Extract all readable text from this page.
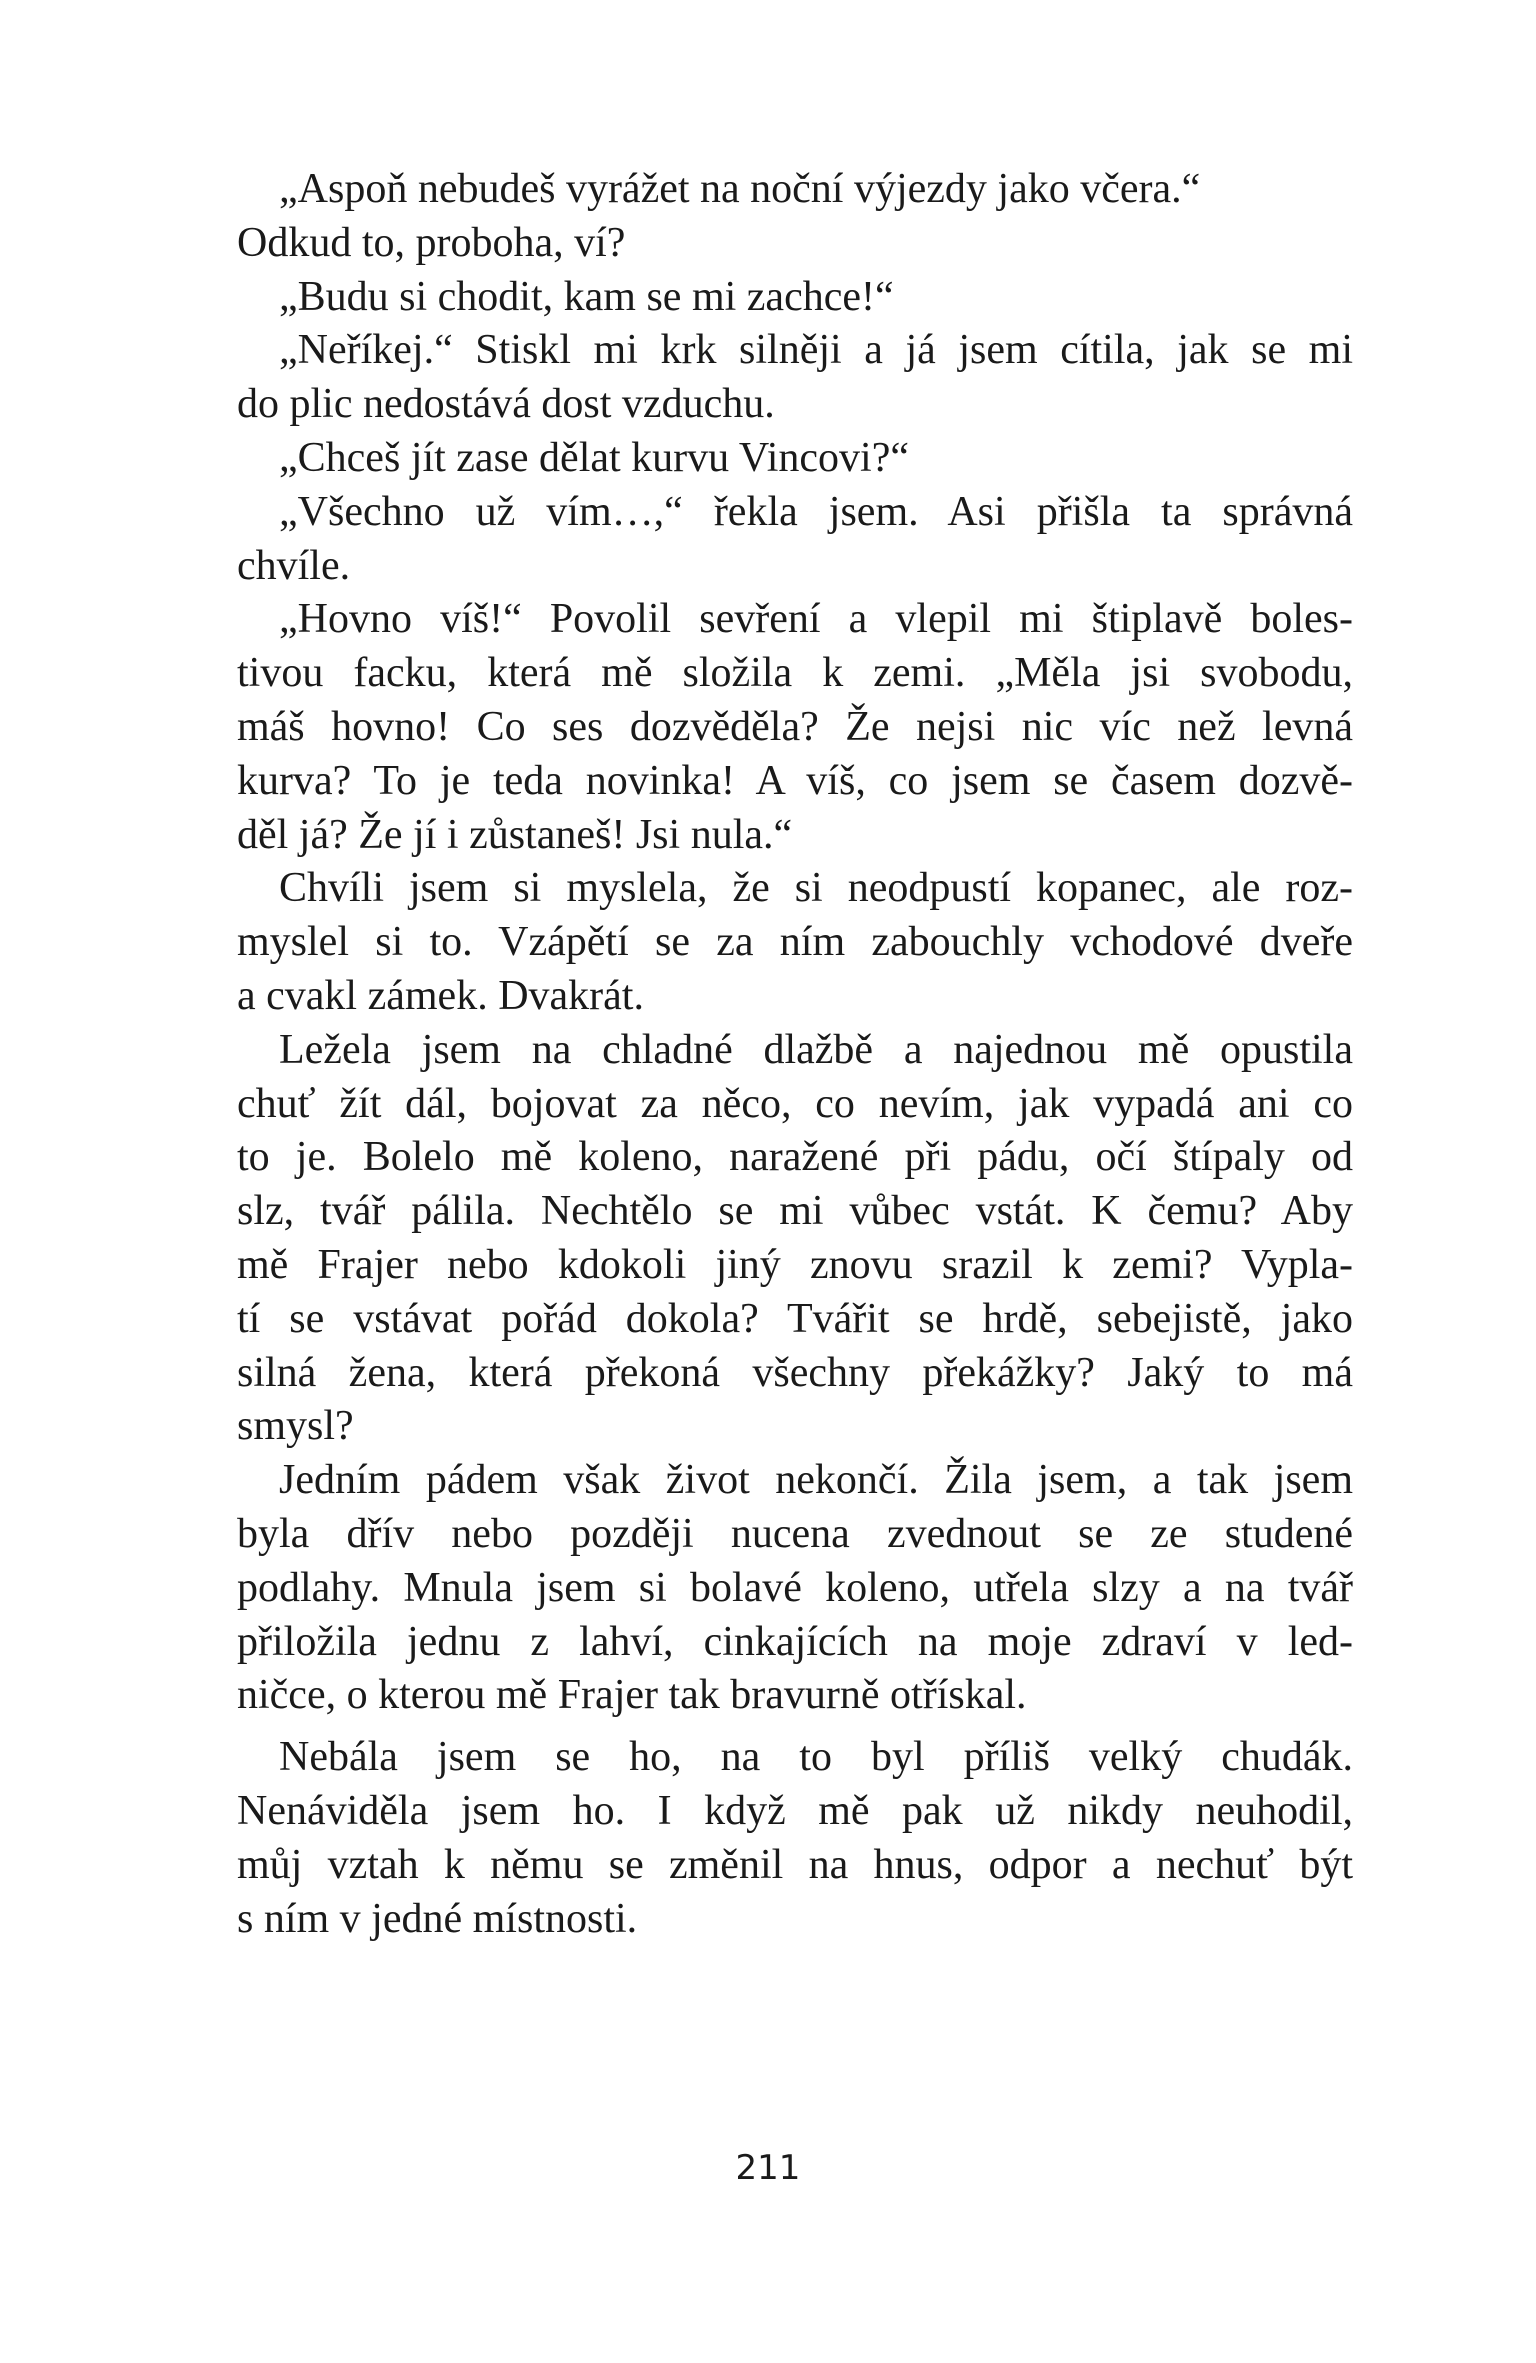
„Aspoň nebudeš vyrážet na noční výjezdy jako včera.“
Odkud to, proboha, ví?
„Budu si chodit, kam se mi zachce!“
„Neříkej.“ Stiskl mi krk silněji a já jsem cítila, jak se mi
do plic nedostává dost vzduchu.
„Chceš jít zase dělat kurvu Vincovi?“
„Všechno už vím…,“ řekla jsem. Asi přišla ta správná
chvíle.
„Hovno víš!“ Povolil sevření a vlepil mi štiplavě boles-
tivou facku, která mě složila k zemi. „Měla jsi svobodu,
máš hovno! Co ses dozvěděla? Že nejsi nic víc než levná
kurva? To je teda novinka! A víš, co jsem se časem dozvě-
děl já? Že jí i zůstaneš! Jsi nula.“
Chvíli jsem si myslela, že si neodpustí kopanec, ale roz-
myslel si to. Vzápětí se za ním zabouchly vchodové dveře
a cvakl zámek. Dvakrát.
Ležela jsem na chladné dlažbě a najednou mě opustila
chuť žít dál, bojovat za něco, co nevím, jak vypadá ani co
to je. Bolelo mě koleno, naražené při pádu, očí štípaly od
slz, tvář pálila. Nechtělo se mi vůbec vstát. K čemu? Aby
mě Frajer nebo kdokoli jiný znovu srazil k zemi? Vypla-
tí se vstávat pořád dokola? Tvářit se hrdě, sebejistě, jako
silná žena, která překoná všechny překážky? Jaký to má
smysl?
Jedním pádem však život nekončí. Žila jsem, a tak jsem
byla dřív nebo později nucena zvednout se ze studené
podlahy. Mnula jsem si bolavé koleno, utřela slzy a na tvář
přiložila jednu z lahví, cinkajících na moje zdraví v led-
ničce, o kterou mě Frajer tak bravurně otřískal.
Nebála jsem se ho, na to byl příliš velký chudák.
Nenáviděla jsem ho. I když mě pak už nikdy neuhodil,
můj vztah k němu se změnil na hnus, odpor a nechuť být
s ním v jedné místnosti.
211
